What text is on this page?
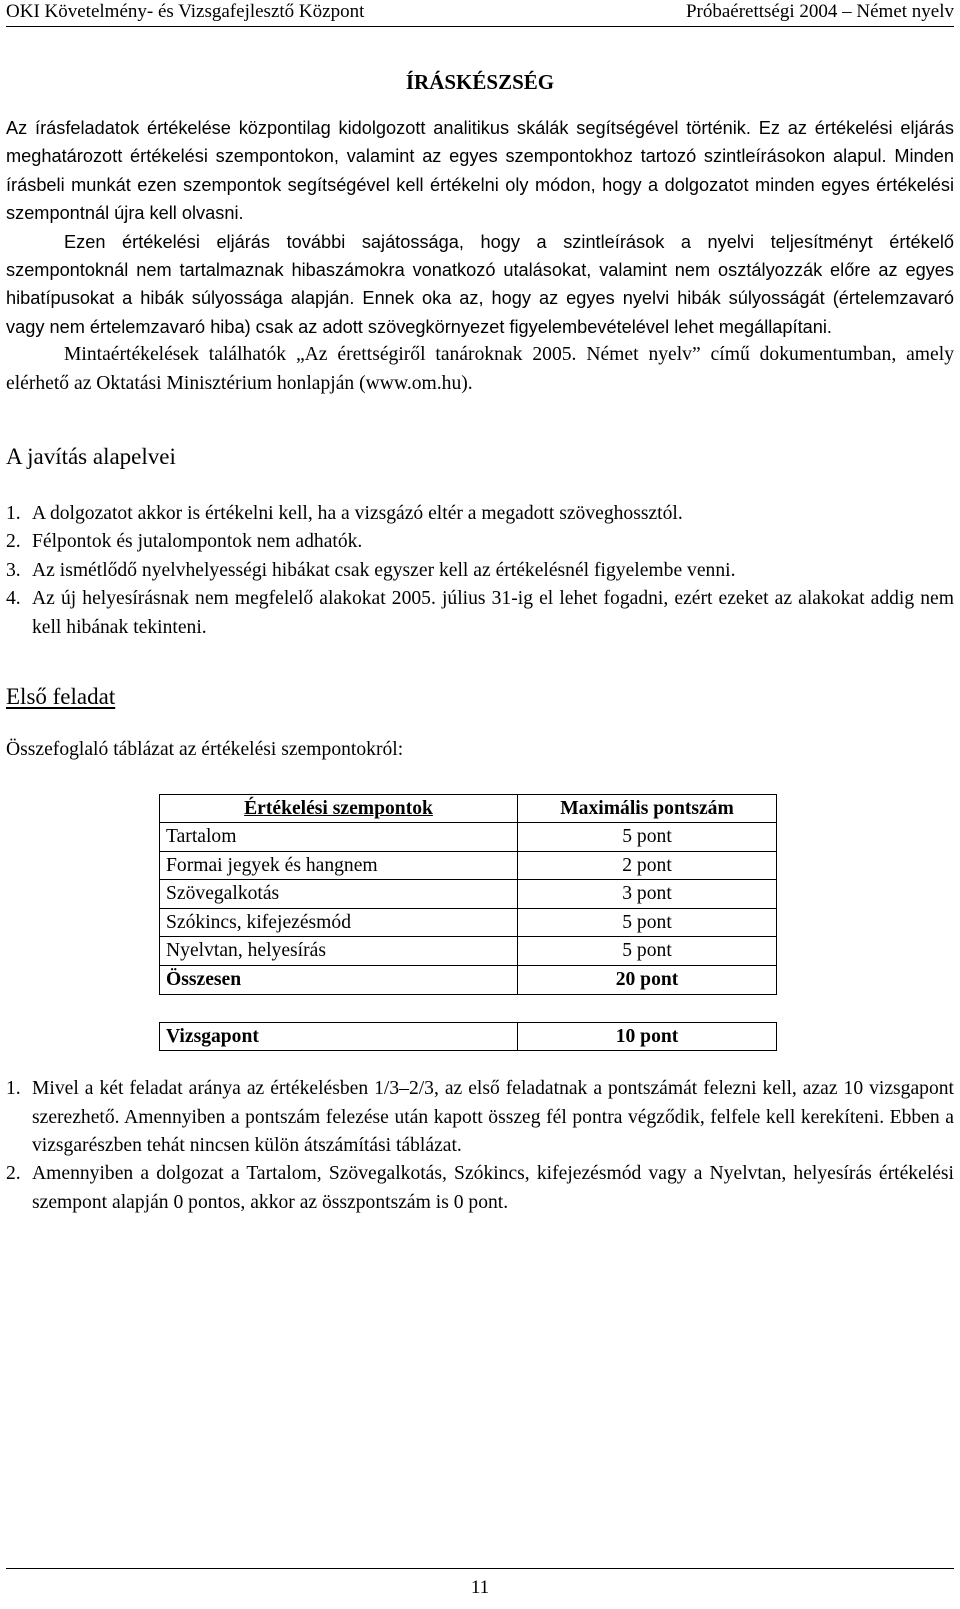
OKI Követelmény- és Vizsgafejlesztő Központ	Próbaérettségi 2004 – Német nyelv
ÍRÁSKÉSZSÉG

Az írásfeladatok értékelése központilag kidolgozott analitikus skálák segítségével történik. Ez az értékelési eljárás meghatározott értékelési szempontokon, valamint az egyes szempontokhoz tartozó szintleírásokon alapul. Minden írásbeli munkát ezen szempontok segítségével kell értékelni oly módon, hogy a dolgozatot minden egyes értékelési szempontnál újra kell olvasni.

Ezen értékelési eljárás további sajátossága, hogy a szintleírások a nyelvi teljesítményt értékelő szempontoknál nem tartalmaznak hibaszámokra vonatkozó utalásokat, valamint nem osztályozzák előre az egyes hibatípusokat a hibák súlyossága alapján. Ennek oka az, hogy az egyes nyelvi hibák súlyosságát (értelemzavaró vagy nem értelemzavaró hiba) csak az adott szövegkörnyezet figyelembevételével lehet megállapítani.

Mintaértékelések találhatók „Az érettségiről tanároknak 2005. Német nyelv” című dokumentumban, amely elérhető az Oktatási Minisztérium honlapján (www.om.hu).

A javítás alapelvei
1. A dolgozatot akkor is értékelni kell, ha a vizsgázó eltér a megadott szöveghossztól.
2. Félpontok és jutalompontok nem adhatók.
3. Az ismétlődő nyelvhelyességi hibákat csak egyszer kell az értékelésnél figyelembe venni.
4. Az új helyesírásnak nem megfelelő alakokat 2005. július 31-ig el lehet fogadni, ezért ezeket az alakokat addig nem kell hibának tekinteni.
Első feladat
Összefoglaló táblázat az értékelési szempontokról:
Értékelési szempontok	Maximális pontszám
Tartalom	5 pont
Formai jegyek és hangnem	2 pont
Szövegalkotás	3 pont
Szókincs, kifejezésmód	5 pont
Nyelvtan, helyesírás	5 pont
Összesen	20 pont

Vizsgapont	10 pont
1. Mivel a két feladat aránya az értékelésben 1/3–2/3, az első feladatnak a pontszámát felezni kell, azaz 10 vizsgapont szerezhető. Amennyiben a pontszám felezése után kapott összeg fél pontra végződik, felfele kell kerekíteni. Ebben a vizsgarészben tehát nincsen külön átszámítási táblázat.
2. Amennyiben a dolgozat a Tartalom, Szövegalkotás, Szókincs, kifejezésmód vagy a Nyelvtan, helyesírás értékelési szempont alapján 0 pontos, akkor az összpontszám is 0 pont.
11
